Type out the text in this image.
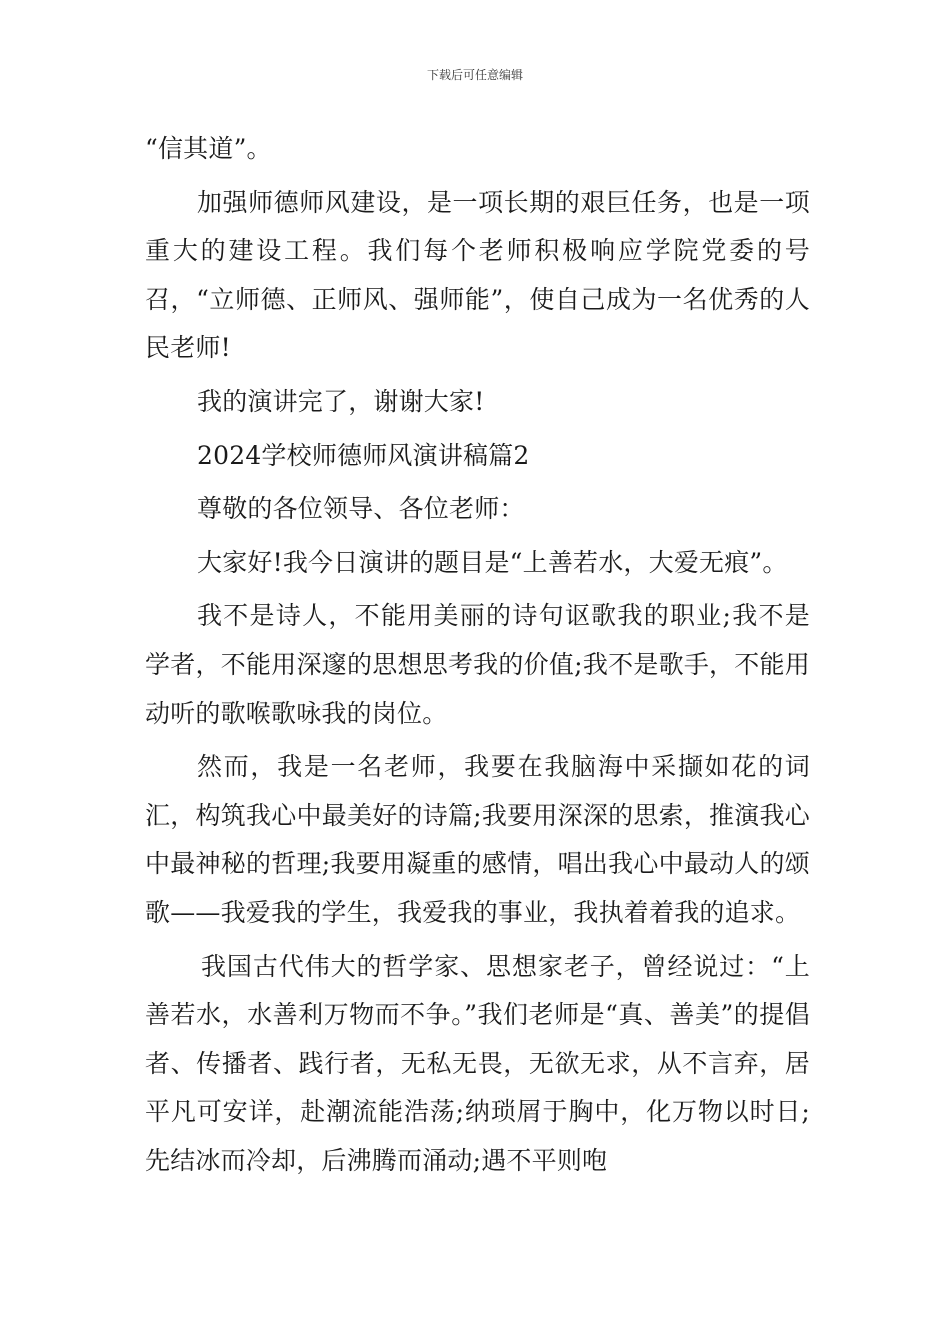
下载后可任意编辑

“信其道”。

加强师德师风建设，是一项长期的艰巨任务，也是一项重大的建设工程。我们每个老师积极响应学院党委的号召，“立师德、正师风、强师能”，使自己成为一名优秀的人民老师!

我的演讲完了，谢谢大家!

2024学校师德师风演讲稿篇2

尊敬的各位领导、各位老师：

大家好!我今日演讲的题目是“上善若水，大爱无痕”。

我不是诗人，不能用美丽的诗句讴歌我的职业;我不是学者，不能用深邃的思想思考我的价值;我不是歌手，不能用动听的歌喉歌咏我的岗位。

然而，我是一名老师，我要在我脑海中采撷如花的词汇，构筑我心中最美好的诗篇;我要用深深的思索，推演我心中最神秘的哲理;我要用凝重的感情，唱出我心中最动人的颂歌——我爱我的学生，我爱我的事业，我执着着我的追求。

我国古代伟大的哲学家、思想家老子，曾经说过：“上善若水，水善利万物而不争。”我们老师是“真、善美”的提倡者、传播者、践行者，无私无畏，无欲无求，从不言弃，居平凡可安详，赴潮流能浩荡;纳琐屑于胸中，化万物以时日;先结冰而冷却，后沸腾而涌动;遇不平则咆
